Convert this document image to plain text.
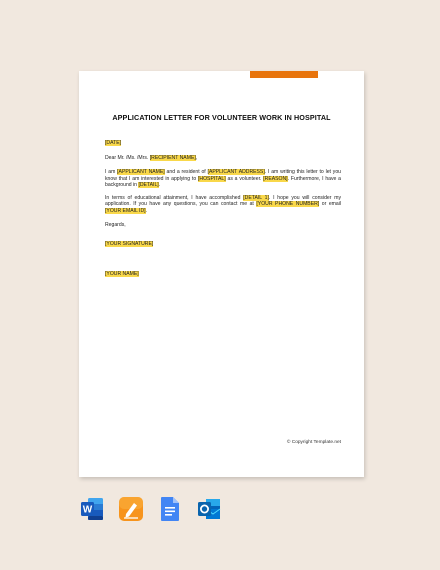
APPLICATION LETTER FOR VOLUNTEER WORK IN HOSPITAL

[DATE]

Dear Mr. /Ms. /Mrs. [RECIPIENT NAME],

I am [APPLICANT NAME] and a resident of [APPLICANT ADDRESS]. I am writing this letter to let you know that I am interested in applying to [HOSPITAL] as a volunteer. [REASON]. Furthermore, I have a background in [DETAIL].

In terms of educational attainment, I have accomplished [DETAIL 1]. I hope you will consider my application. If you have any questions, you can contact me at [YOUR PHONE NUMBER] or email [YOUR EMAIL ID].

Regards,

[YOUR SIGNATURE]

[YOUR NAME]

© Copyright Template.net
W
